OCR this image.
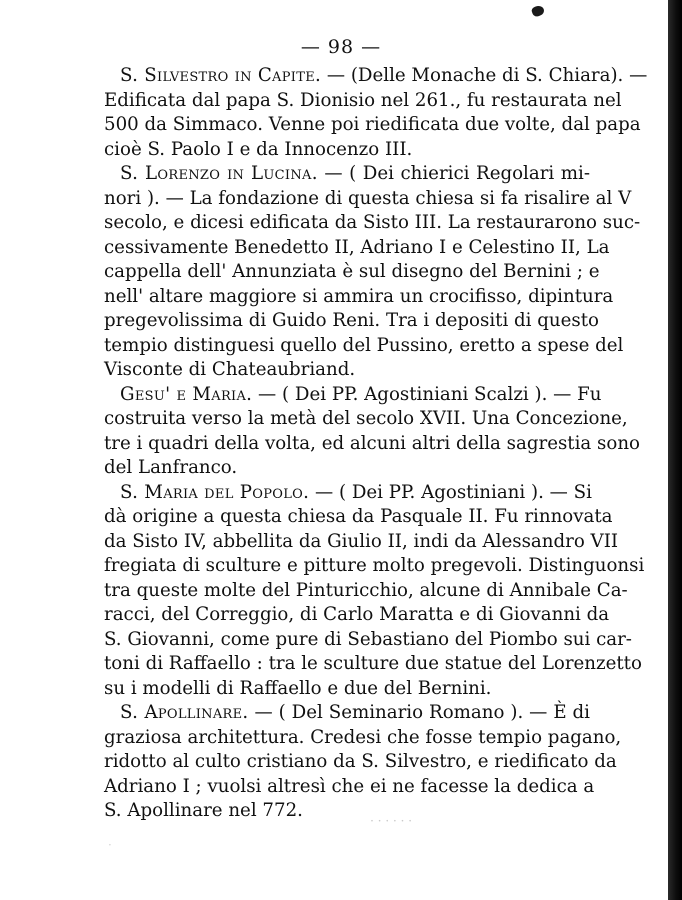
— 98 —
S. Silvestro in Capite. — (Delle Monache di S. Chiara). —
Edificata dal papa S. Dionisio nel 261., fu restaurata nel
500 da Simmaco. Venne poi riedificata due volte, dal papa
cioè S. Paolo I e da Innocenzo III.
S. Lorenzo in Lucina. — ( Dei chierici Regolari mi-
nori ). — La fondazione di questa chiesa si fa risalire al V
secolo, e dicesi edificata da Sisto III. La restaurarono suc-
cessivamente Benedetto II, Adriano I e Celestino II, La
cappella dell' Annunziata è sul disegno del Bernini ; e
nell' altare maggiore si ammira un crocifisso, dipintura
pregevolissima di Guido Reni. Tra i depositi di questo
tempio distinguesi quello del Pussino, eretto a spese del
Visconte di Chateaubriand.
Gesu' e Maria. — ( Dei PP. Agostiniani Scalzi ). — Fu
costruita verso la metà del secolo XVII. Una Concezione,
tre i quadri della volta, ed alcuni altri della sagrestia sono
del Lanfranco.
S. Maria del Popolo. — ( Dei PP. Agostiniani ). — Si
dà origine a questa chiesa da Pasquale II. Fu rinnovata
da Sisto IV, abbellita da Giulio II, indi da Alessandro VII
fregiata di sculture e pitture molto pregevoli. Distinguonsi
tra queste molte del Pinturicchio, alcune di Annibale Ca-
racci, del Correggio, di Carlo Maratta e di Giovanni da
S. Giovanni, come pure di Sebastiano del Piombo sui car-
toni di Raffaello : tra le sculture due statue del Lorenzetto
su i modelli di Raffaello e due del Bernini.
S. Apollinare. — ( Del Seminario Romano ). — È di
graziosa architettura. Credesi che fosse tempio pagano,
ridotto al culto cristiano da S. Silvestro, e riedificato da
Adriano I ; vuolsi altresì che ei ne facesse la dedica a
S. Apollinare nel 772.	· · · · · ·
·
